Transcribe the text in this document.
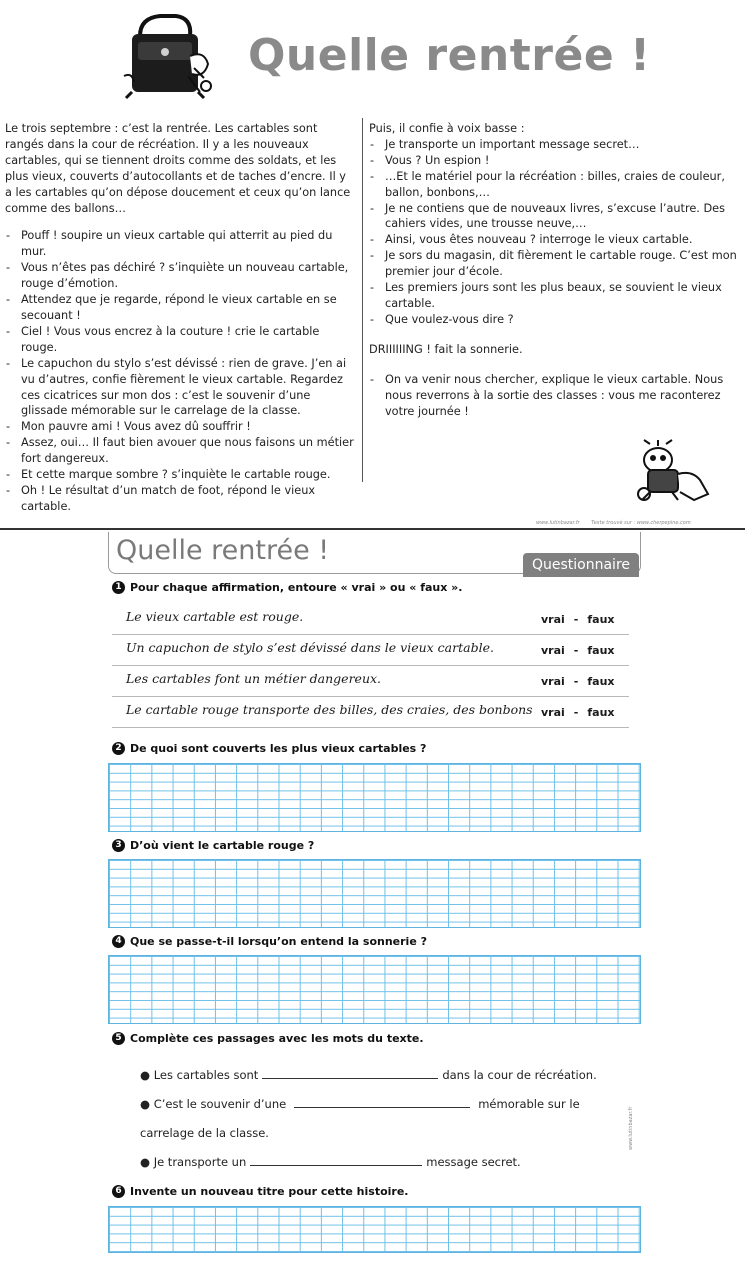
Quelle rentrée !

Le trois septembre : c’est la rentrée. Les cartables sont rangés dans la cour de récréation. Il y a les nouveaux cartables, qui se tiennent droits comme des soldats, et les plus vieux, couverts d’autocollants et de taches d’encre. Il y a les cartables qu’on dépose doucement et ceux qu’on lance comme des ballons…

- Pouff ! soupire un vieux cartable qui atterrit au pied du mur.
- Vous n’êtes pas déchiré ? s’inquiète un nouveau cartable, rouge d’émotion.
- Attendez que je regarde, répond le vieux cartable en se secouant !
- Ciel ! Vous vous encrez à la couture ! crie le cartable rouge.
- Le capuchon du stylo s’est dévissé : rien de grave. J’en ai vu d’autres, confie fièrement le vieux cartable. Regardez ces cicatrices sur mon dos : c’est le souvenir d’une glissade mémorable sur le carrelage de la classe.
- Mon pauvre ami ! Vous avez dû souffrir !
- Assez, oui… Il faut bien avouer que nous faisons un métier fort dangereux.
- Et cette marque sombre ? s’inquiète le cartable rouge.
- Oh ! Le résultat d’un match de foot, répond le vieux cartable.
Puis, il confie à voix basse :
- Je transporte un important message secret…
- Vous ? Un espion !
- …Et le matériel pour la récréation : billes, craies de couleur, ballon, bonbons,…
- Je ne contiens que de nouveaux livres, s’excuse l’autre. Des cahiers vides, une trousse neuve,…
- Ainsi, vous êtes nouveau ? interroge le vieux cartable.
- Je sors du magasin, dit fièrement le cartable rouge. C’est mon premier jour d’école.
- Les premiers jours sont les plus beaux, se souvient le vieux cartable.
- Que voulez-vous dire ?
DRIIIIIING ! fait la sonnerie.
- On va venir nous chercher, explique le vieux cartable. Nous nous reverrons à la sortie des classes : vous me raconterez votre journée !
www.lutinbazar.fr Texte trouvé sur : www.cherpepine.com
Quelle rentrée !	Questionnaire
1 Pour chaque affirmation, entoure « vrai » ou « faux ».
Le vieux cartable est rouge.	vrai - faux
Un capuchon de stylo s’est dévissé dans le vieux cartable.	vrai - faux
Les cartables font un métier dangereux.	vrai - faux
Le cartable rouge transporte des billes, des craies, des bonbons vrai - faux
2 De quoi sont couverts les plus vieux cartables ?
3 D’où vient le cartable rouge ?
4 Que se passe-t-il lorsqu’on entend la sonnerie ?
5 Complète ces passages avec les mots du texte.
● Les cartables sont	dans la cour de récréation.
● C’est le souvenir d’une	mémorable sur le
carrelage de la classe.
● Je transporte un	message secret.
www.lutinbazar.fr
6 Invente un nouveau titre pour cette histoire.
